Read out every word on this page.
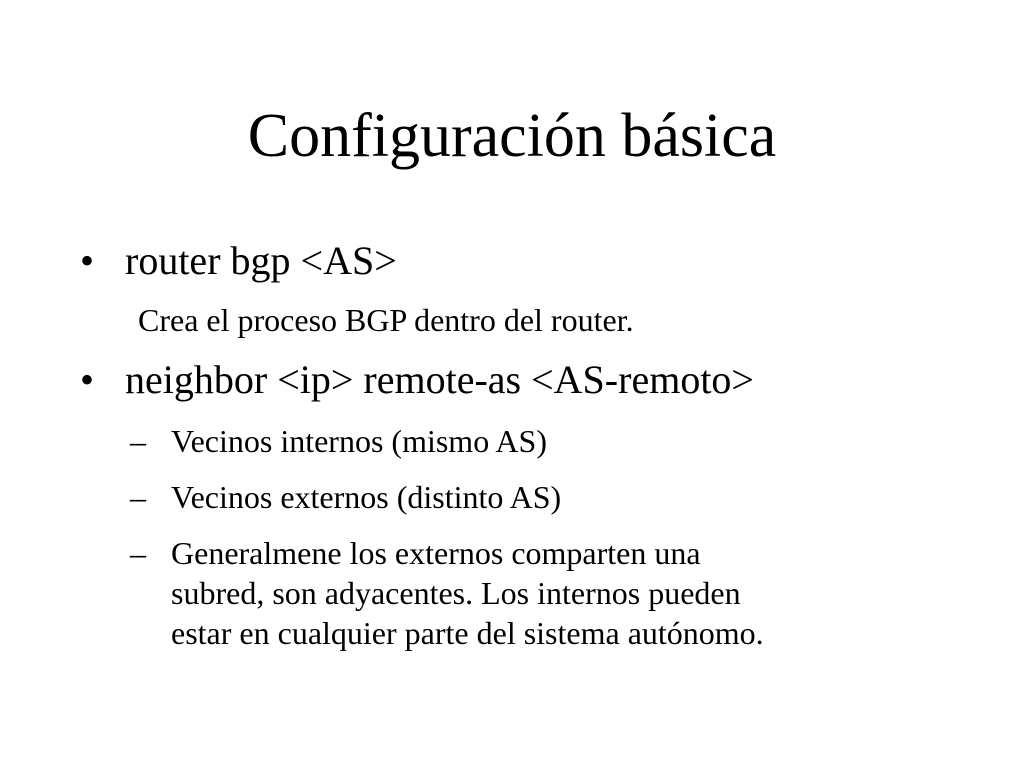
Configuración básica
• router bgp <AS>
Crea el proceso BGP dentro del router.
• neighbor <ip> remote-as <AS-remoto>
– Vecinos internos (mismo AS)
– Vecinos externos (distinto AS)
– Generalmene los externos comparten una
subred, son adyacentes. Los internos pueden
estar en cualquier parte del sistema autónomo.
